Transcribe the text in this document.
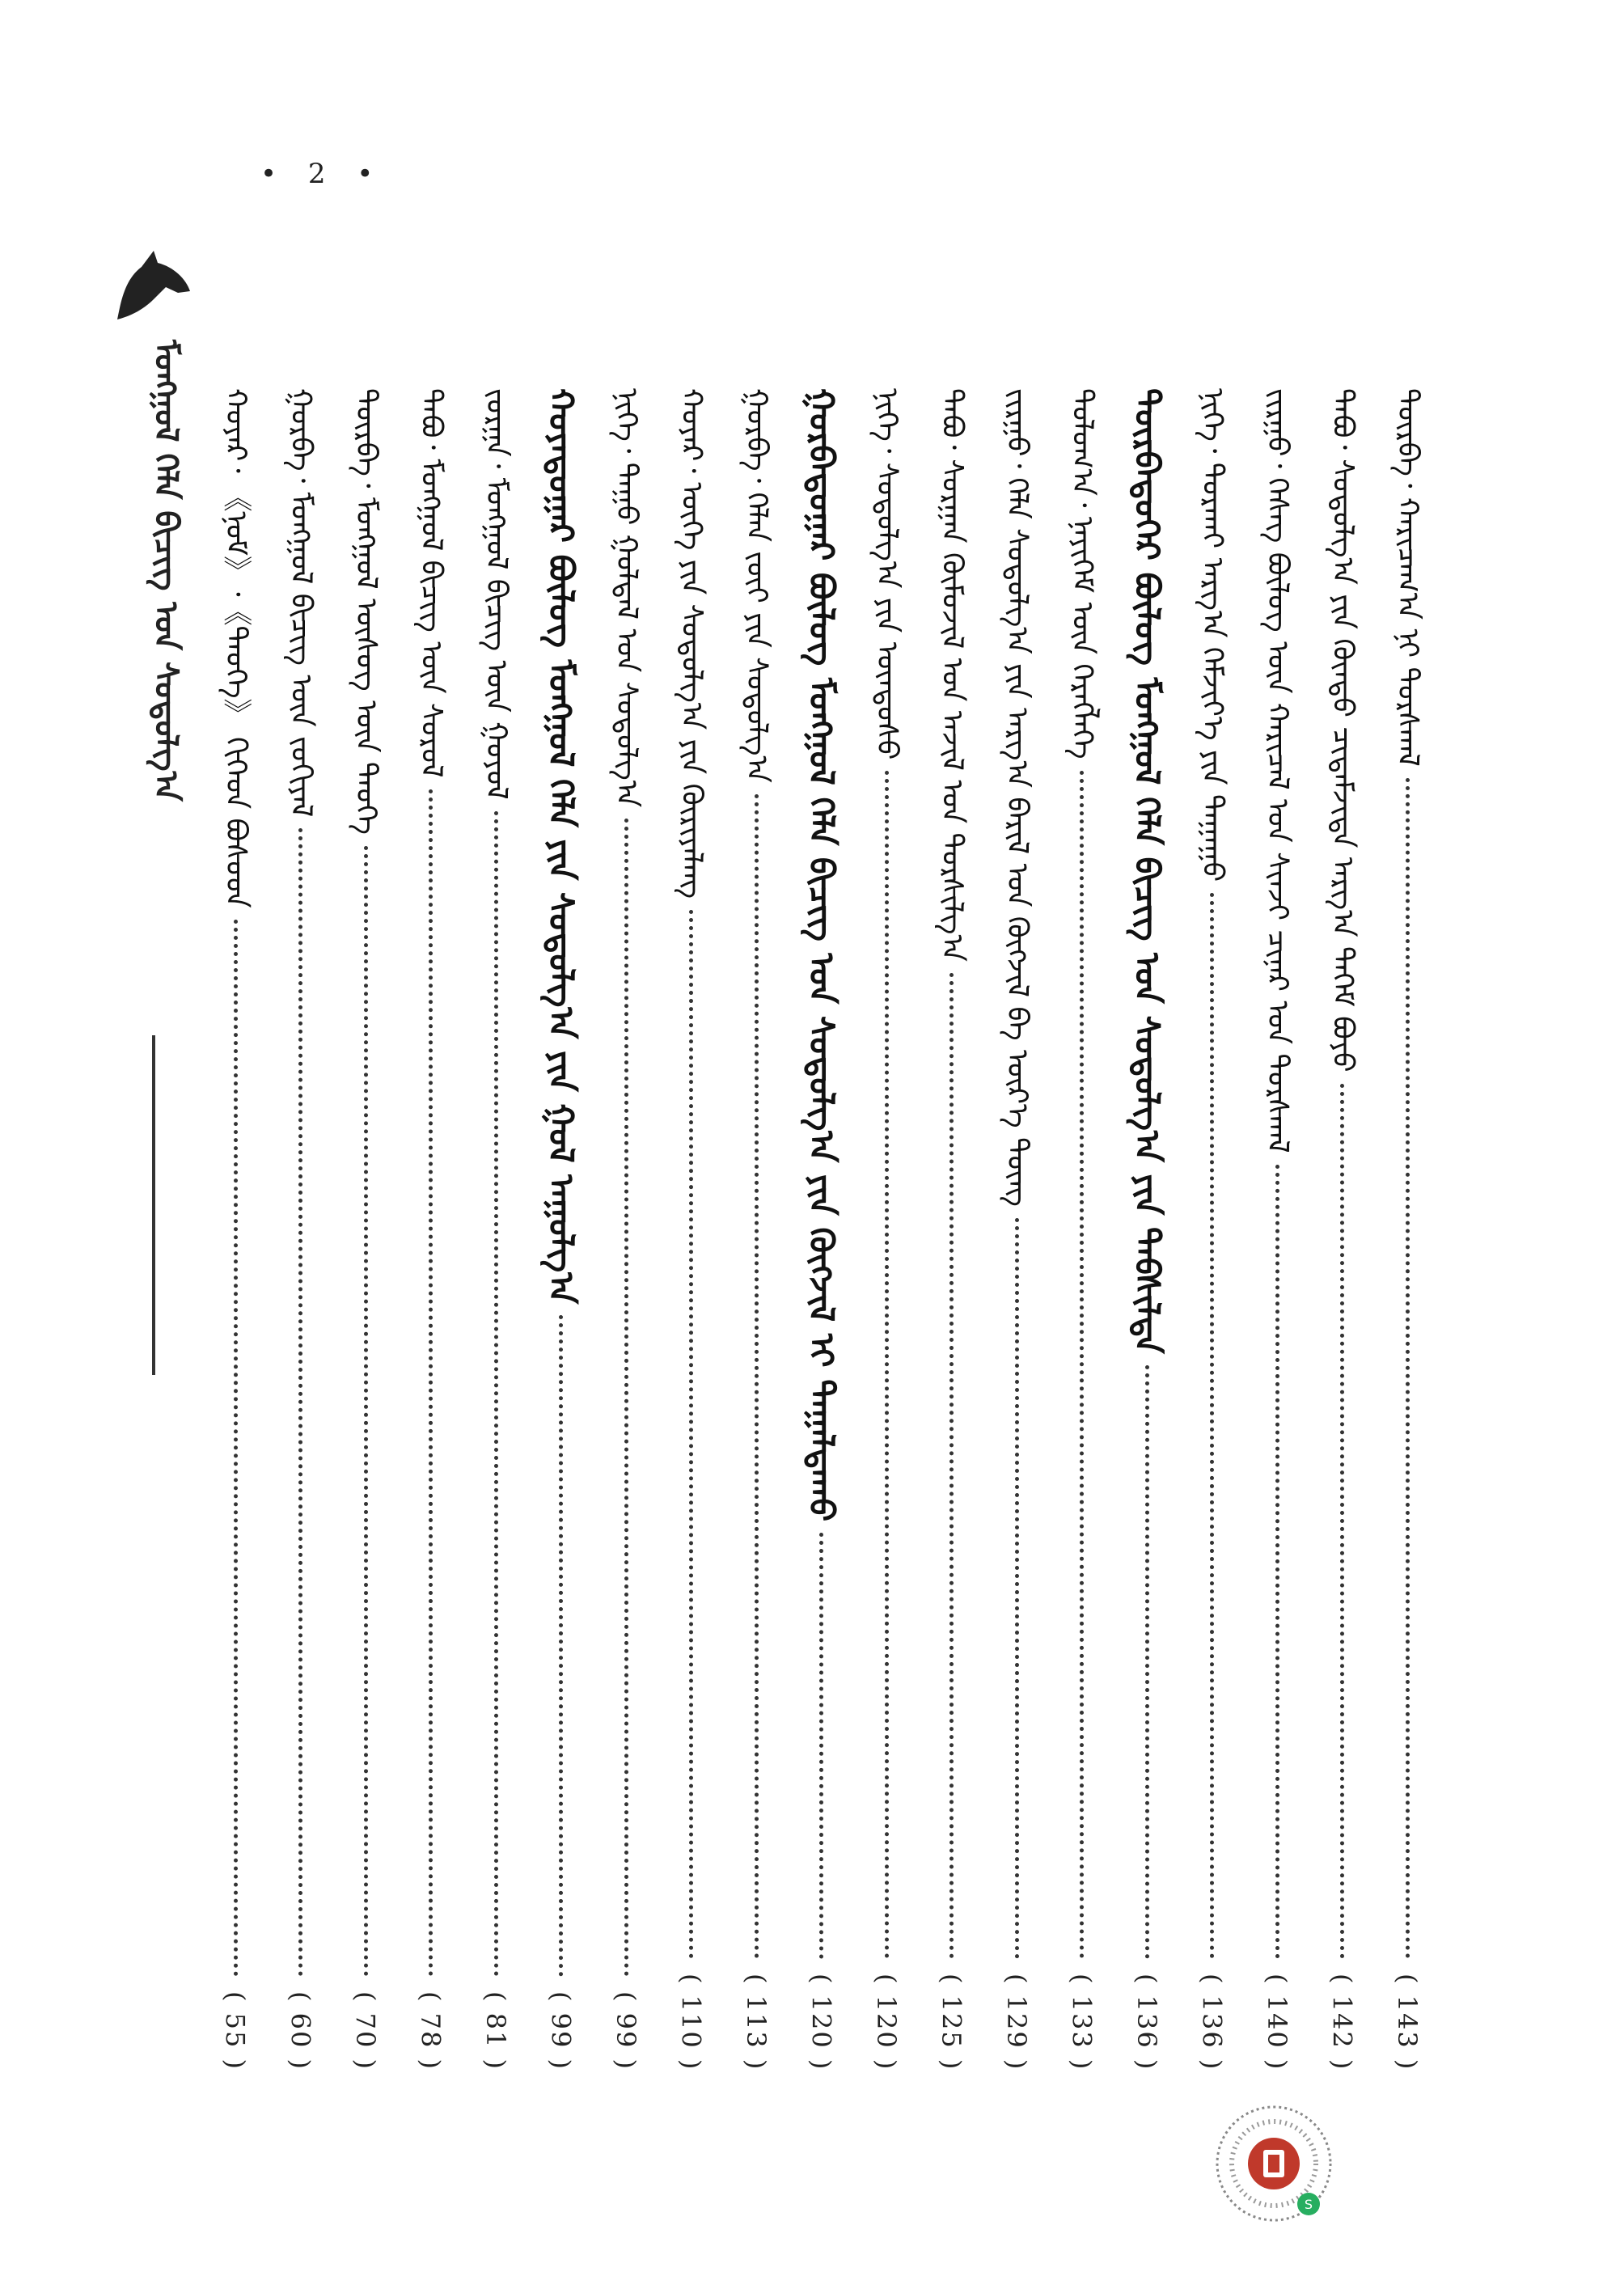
• 2 •
ᠮᠣᠩᠭᠣᠯ ᠬᠡᠯᠡ ᠪᠢᠴᠢᠭ ᠤᠨ ᠰᠤᠳᠤᠯᠭ᠎ᠠ	ᠳᠦᠷᠪᠡ᠂ ᠬᠠᠷᠢᠴᠠᠭ᠎ᠠ ᠨᠢ ᠳᠤᠷᠰᠬᠠᠯ
( 143 )
ᠲᠠᠪᠤ᠂ ᠰᠤᠳᠤᠯᠭ᠎ᠠ ᠶᠢᠨ ᠬᠦᠨᠳᠦ ᠴᠢᠳᠠᠮᠵᠢᠳᠠ ᠠᠷᠭ᠎ᠠ ᠳᠡᠭᠡᠮ ᠪᠤᠶᠤ
( 142 )
ᠵᠢᠷᠭᠤ᠂ ᠬᠡᠰᠡᠭ ᠪᠦᠯᠦᠭ ᠦᠨ ᠬᠠᠷᠢᠴᠠᠯ ᠤᠨ ᠰᠢᠨᠵᠢ ᠴᠢᠨᠠᠷ ᠤᠨ ᠳᠤᠷᠰᠬᠠᠯ
( 140 )
ᠨᠢᠭᠡ᠂ ᠲᠣᠷᠬᠠᠢ ᠠᠷᠭ᠎ᠠ ᠬᠡᠮᠵᠢᠶ᠎ᠡ ᠶᠢᠨ ᠳᠠᠭᠠᠭᠤ
( 136 )
ᠳᠥᠷᠪᠡᠳᠦᠭᠡᠷ ᠪᠦᠯᠦᠭ ᠮᠣᠩᠭᠣᠯ ᠬᠡᠯᠡ ᠪᠢᠴᠢᠭ ᠤᠨ ᠰᠤᠳᠤᠯᠭ᠎ᠠ ᠶᠢᠨ ᠳᠡᠪᠰᠢᠯᠲᠡ
( 136 )
ᠳᠣᠯᠤᠭ᠎ᠠ᠂ ᠨᠡᠶᠢᠭᠡᠮ ᠦᠨ ᠬᠡᠷᠡᠭᠯᠡᠭᠡ
( 133 )
ᠵᠢᠷᠭᠤ᠂ ᠬᠡᠯᠡ ᠰᠤᠳᠤᠯᠭ᠎ᠠ ᠶᠢᠨ ᠠᠷᠭ᠎ᠠ ᠪᠠᠷᠢᠯ ᠤᠨ ᠬᠦᠭᠵᠢᠯ ᠪᠠ ᠦᠷ᠎ᠡ ᠳᠦᠩ
( 129 )
ᠲᠠᠪᠤ᠂ ᠰᠤᠷᠭᠠᠨ ᠬᠦᠮᠦᠵᠢᠯ ᠤᠨ ᠠᠵᠢᠯ ᠤᠨ ᠲᠤᠷᠰᠢᠯᠭ᠎ᠠ
( 125 )
ᠨᠢᠭᠡ᠂ ᠰᠤᠳᠤᠯᠭ᠎ᠠ ᠶᠢᠨ ᠦᠨᠳᠦᠰᠦ
( 120 )
ᠭᠤᠷᠪᠠᠳᠤᠭᠠᠷ ᠪᠦᠯᠦᠭ ᠮᠣᠩᠭᠣᠯ ᠬᠡᠯᠡ ᠪᠢᠴᠢᠭ ᠤᠨ ᠰᠤᠳᠤᠯᠭ᠎ᠠ ᠶᠢᠨ ᠬᠦᠭᠵᠢᠯ ᠢ ᠳᠠᠭᠠᠯᠳᠠᠬᠤ
( 120 )
ᠭᠤᠷᠪᠠ᠂ ᠬᠡᠯᠡᠨ ᠵᠦᠢ ᠶᠢᠨ ᠰᠤᠳᠤᠯᠭ᠎ᠠ
( 113 )
ᠬᠣᠶᠠᠷ᠂ ᠦᠭᠡ ᠶᠢᠨ ᠰᠤᠳᠤᠯᠭ᠎ᠠ ᠶᠢᠨ ᠬᠦᠷᠢᠶᠡᠯᠡᠩ
( 110 )
ᠨᠢᠭᠡ᠂ ᠳᠠᠭᠤ ᠭᠣᠯᠳᠠᠯ ᠤᠨ ᠰᠤᠳᠤᠯᠭ᠎ᠠ
( 99 )
ᠬᠣᠶᠠᠳᠤᠭᠠᠷ ᠪᠦᠯᠦᠭ ᠮᠣᠩᠭᠣᠯ ᠬᠡᠯᠡ ᠶᠢᠨ ᠰᠤᠳᠤᠯᠭ᠎ᠠ ᠶᠢᠨ ᠭᠣᠯ ᠠᠭᠤᠯᠭ᠎ᠠ
( 99 )
ᠵᠤᠷᠭᠠ᠂ ᠮᠣᠩᠭᠣᠯ ᠪᠢᠴᠢᠭ ᠦᠨ ᠭᠤᠶᠤᠯ
( 81 )
ᠲᠠᠪᠤ᠂ ᠮᠣᠩᠭᠣᠯ ᠪᠢᠴᠢᠭ ᠦᠨ ᠰᠤᠷᠤᠯ
( 78 )
ᠳᠥᠷᠪᠡ᠂ ᠮᠣᠩᠭᠣᠯ ᠦᠰᠦᠭ ᠦᠨ ᠲᠡᠦᠬᠡ
( 70 )
ᠭᠤᠷᠪᠠ᠂ ᠮᠣᠩᠭᠣᠯ ᠪᠢᠴᠢᠭ ᠦᠨ ᠵᠤᠬᠢᠶᠠᠯ
( 60 )
ᠬᠣᠶᠠᠷ᠂ 《ᠨᠣᠮ》᠂《ᠲᠡᠦᠬᠡ》 ᠬᠢᠭᠡᠳ ᠪᠤᠰᠤᠳ
( 55 )
S
